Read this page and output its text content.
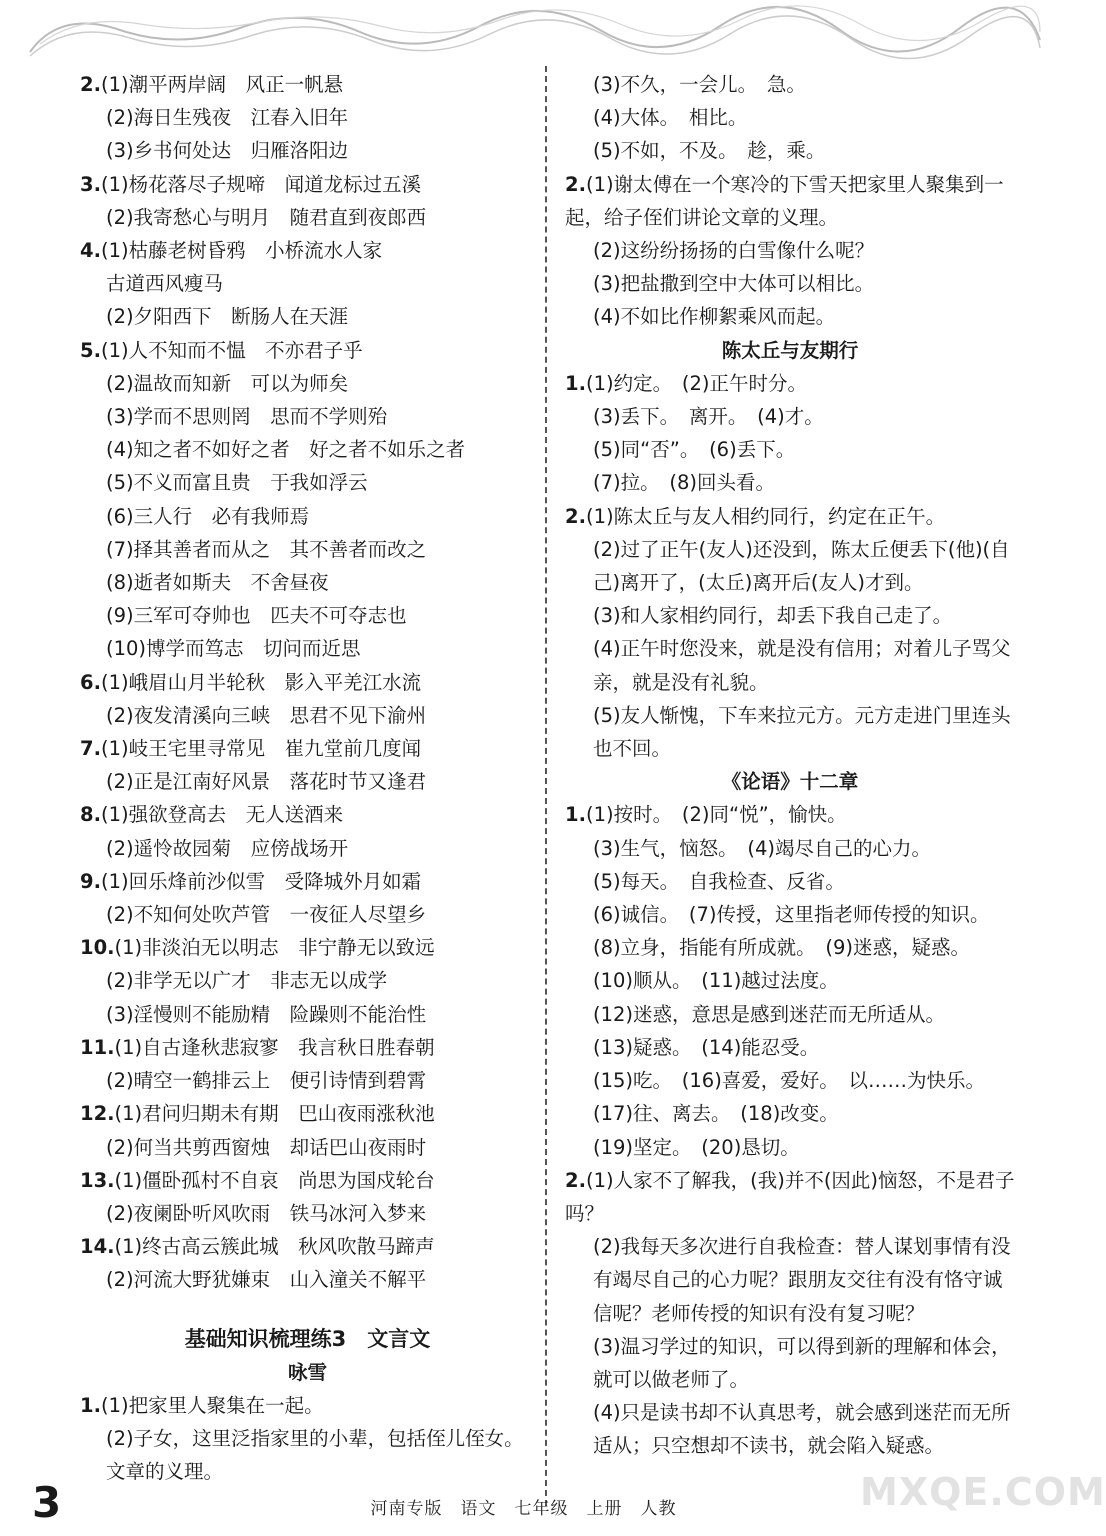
2.(1)潮平两岸阔　风正一帆悬
(2)海日生残夜　江春入旧年
(3)乡书何处达　归雁洛阳边
3.(1)杨花落尽子规啼　闻道龙标过五溪
(2)我寄愁心与明月　随君直到夜郎西
4.(1)枯藤老树昏鸦　小桥流水人家
古道西风瘦马
(2)夕阳西下　断肠人在天涯
5.(1)人不知而不愠　不亦君子乎
(2)温故而知新　可以为师矣
(3)学而不思则罔　思而不学则殆
(4)知之者不如好之者　好之者不如乐之者
(5)不义而富且贵　于我如浮云
(6)三人行　必有我师焉
(7)择其善者而从之　其不善者而改之
(8)逝者如斯夫　不舍昼夜
(9)三军可夺帅也　匹夫不可夺志也
(10)博学而笃志　切问而近思
6.(1)峨眉山月半轮秋　影入平羌江水流
(2)夜发清溪向三峡　思君不见下渝州
7.(1)岐王宅里寻常见　崔九堂前几度闻
(2)正是江南好风景　落花时节又逢君
8.(1)强欲登高去　无人送酒来
(2)遥怜故园菊　应傍战场开
9.(1)回乐烽前沙似雪　受降城外月如霜
(2)不知何处吹芦管　一夜征人尽望乡
10.(1)非淡泊无以明志　非宁静无以致远
(2)非学无以广才　非志无以成学
(3)淫慢则不能励精　险躁则不能治性
11.(1)自古逢秋悲寂寥　我言秋日胜春朝
(2)晴空一鹤排云上　便引诗情到碧霄
12.(1)君问归期未有期　巴山夜雨涨秋池
(2)何当共剪西窗烛　却话巴山夜雨时
13.(1)僵卧孤村不自哀　尚思为国戍轮台
(2)夜阑卧听风吹雨　铁马冰河入梦来
14.(1)终古高云簇此城　秋风吹散马蹄声
(2)河流大野犹嫌束　山入潼关不解平
基础知识梳理练3　文言文
咏雪
1.(1)把家里人聚集在一起。
(2)子女，这里泛指家里的小辈，包括侄儿侄女。　文章的义理。
(3)不久，一会儿。　急。
(4)大体。　相比。
(5)不如，不及。　趁，乘。
2.(1)谢太傅在一个寒冷的下雪天把家里人聚集到一起，给子侄们讲论文章的义理。
(2)这纷纷扬扬的白雪像什么呢？
(3)把盐撒到空中大体可以相比。
(4)不如比作柳絮乘风而起。
陈太丘与友期行
1.(1)约定。　(2)正午时分。
(3)丢下。　离开。　(4)才。
(5)同“否”。　(6)丢下。
(7)拉。　(8)回头看。
2.(1)陈太丘与友人相约同行，约定在正午。
(2)过了正午(友人)还没到，陈太丘便丢下(他)(自己)离开了，(太丘)离开后(友人)才到。
(3)和人家相约同行，却丢下我自己走了。
(4)正午时您没来，就是没有信用；对着儿子骂父亲，就是没有礼貌。
(5)友人惭愧，下车来拉元方。元方走进门里连头也不回。
《论语》十二章
1.(1)按时。　(2)同“悦”，愉快。
(3)生气，恼怒。　(4)竭尽自己的心力。
(5)每天。　自我检查、反省。
(6)诚信。　(7)传授，这里指老师传授的知识。
(8)立身，指能有所成就。　(9)迷惑，疑惑。
(10)顺从。　(11)越过法度。
(12)迷惑，意思是感到迷茫而无所适从。
(13)疑惑。　(14)能忍受。
(15)吃。　(16)喜爱，爱好。　以……为快乐。
(17)往、离去。　(18)改变。
(19)坚定。　(20)恳切。
2.(1)人家不了解我，(我)并不(因此)恼怒，不是君子吗？
(2)我每天多次进行自我检查：替人谋划事情有没有竭尽自己的心力呢？跟朋友交往有没有恪守诚信呢？老师传授的知识有没有复习呢？
(3)温习学过的知识，可以得到新的理解和体会，就可以做老师了。
(4)只是读书却不认真思考，就会感到迷茫而无所适从；只空想却不读书，就会陷入疑惑。
3	河南专版　语文　七年级　上册　人教	MXQE.COM
